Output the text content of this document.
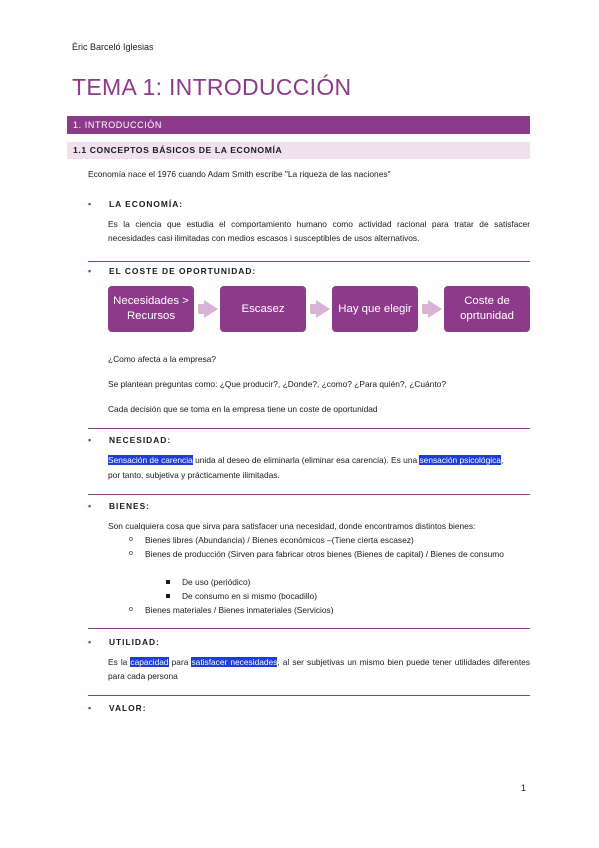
Èric Barceló Iglesias
TEMA 1: INTRODUCCIÓN
1. INTRODUCCIÓN
1.1 CONCEPTOS BÁSICOS DE LA ECONOMÍA
Economía nace el 1976 cuando Adam Smith escribe "La riqueza de las naciones"
• LA ECONOMÍA:
Es la ciencia que estudia el comportamiento humano como actividad racional para tratar de satisfacer necesidades casi ilimitadas con medios escasos i susceptibles de usos alternativos.
• EL COSTE DE OPORTUNIDAD:
Necesidades > Recursos
Escasez	Hay que elegir
Coste de oprtunidad
¿Como afecta a la empresa?
Se plantean preguntas como: ¿Que producir?, ¿Donde?, ¿como? ¿Para quién?, ¿Cuánto?
Cada decisión que se toma en la empresa tiene un coste de oportunidad
• NECESIDAD:
Sensación de carencia unida al deseo de eliminarla (eliminar esa carencia). Es una sensación psicológica,
por tanto, subjetiva y prácticamente ilimitadas.
• BIENES:
Son cualquiera cosa que sirva para satisfacer una necesidad, donde encontramos distintos bienes:
o Bienes libres (Abundancia) / Bienes económicos –(Tiene cierta escasez)
o Bienes de producción (Sirven para fabricar otros bienes (Bienes de capital) / Bienes de consumo
De uso (periódico)
De consumo en si mismo (bocadillo)
o Bienes materiales / Bienes inmateriales (Servicios)
• UTILIDAD:
Es la capacidad para satisfacer necesidades, al ser subjetivas un mismo bien puede tener utilidades diferentes para cada persona
• VALOR:
1
